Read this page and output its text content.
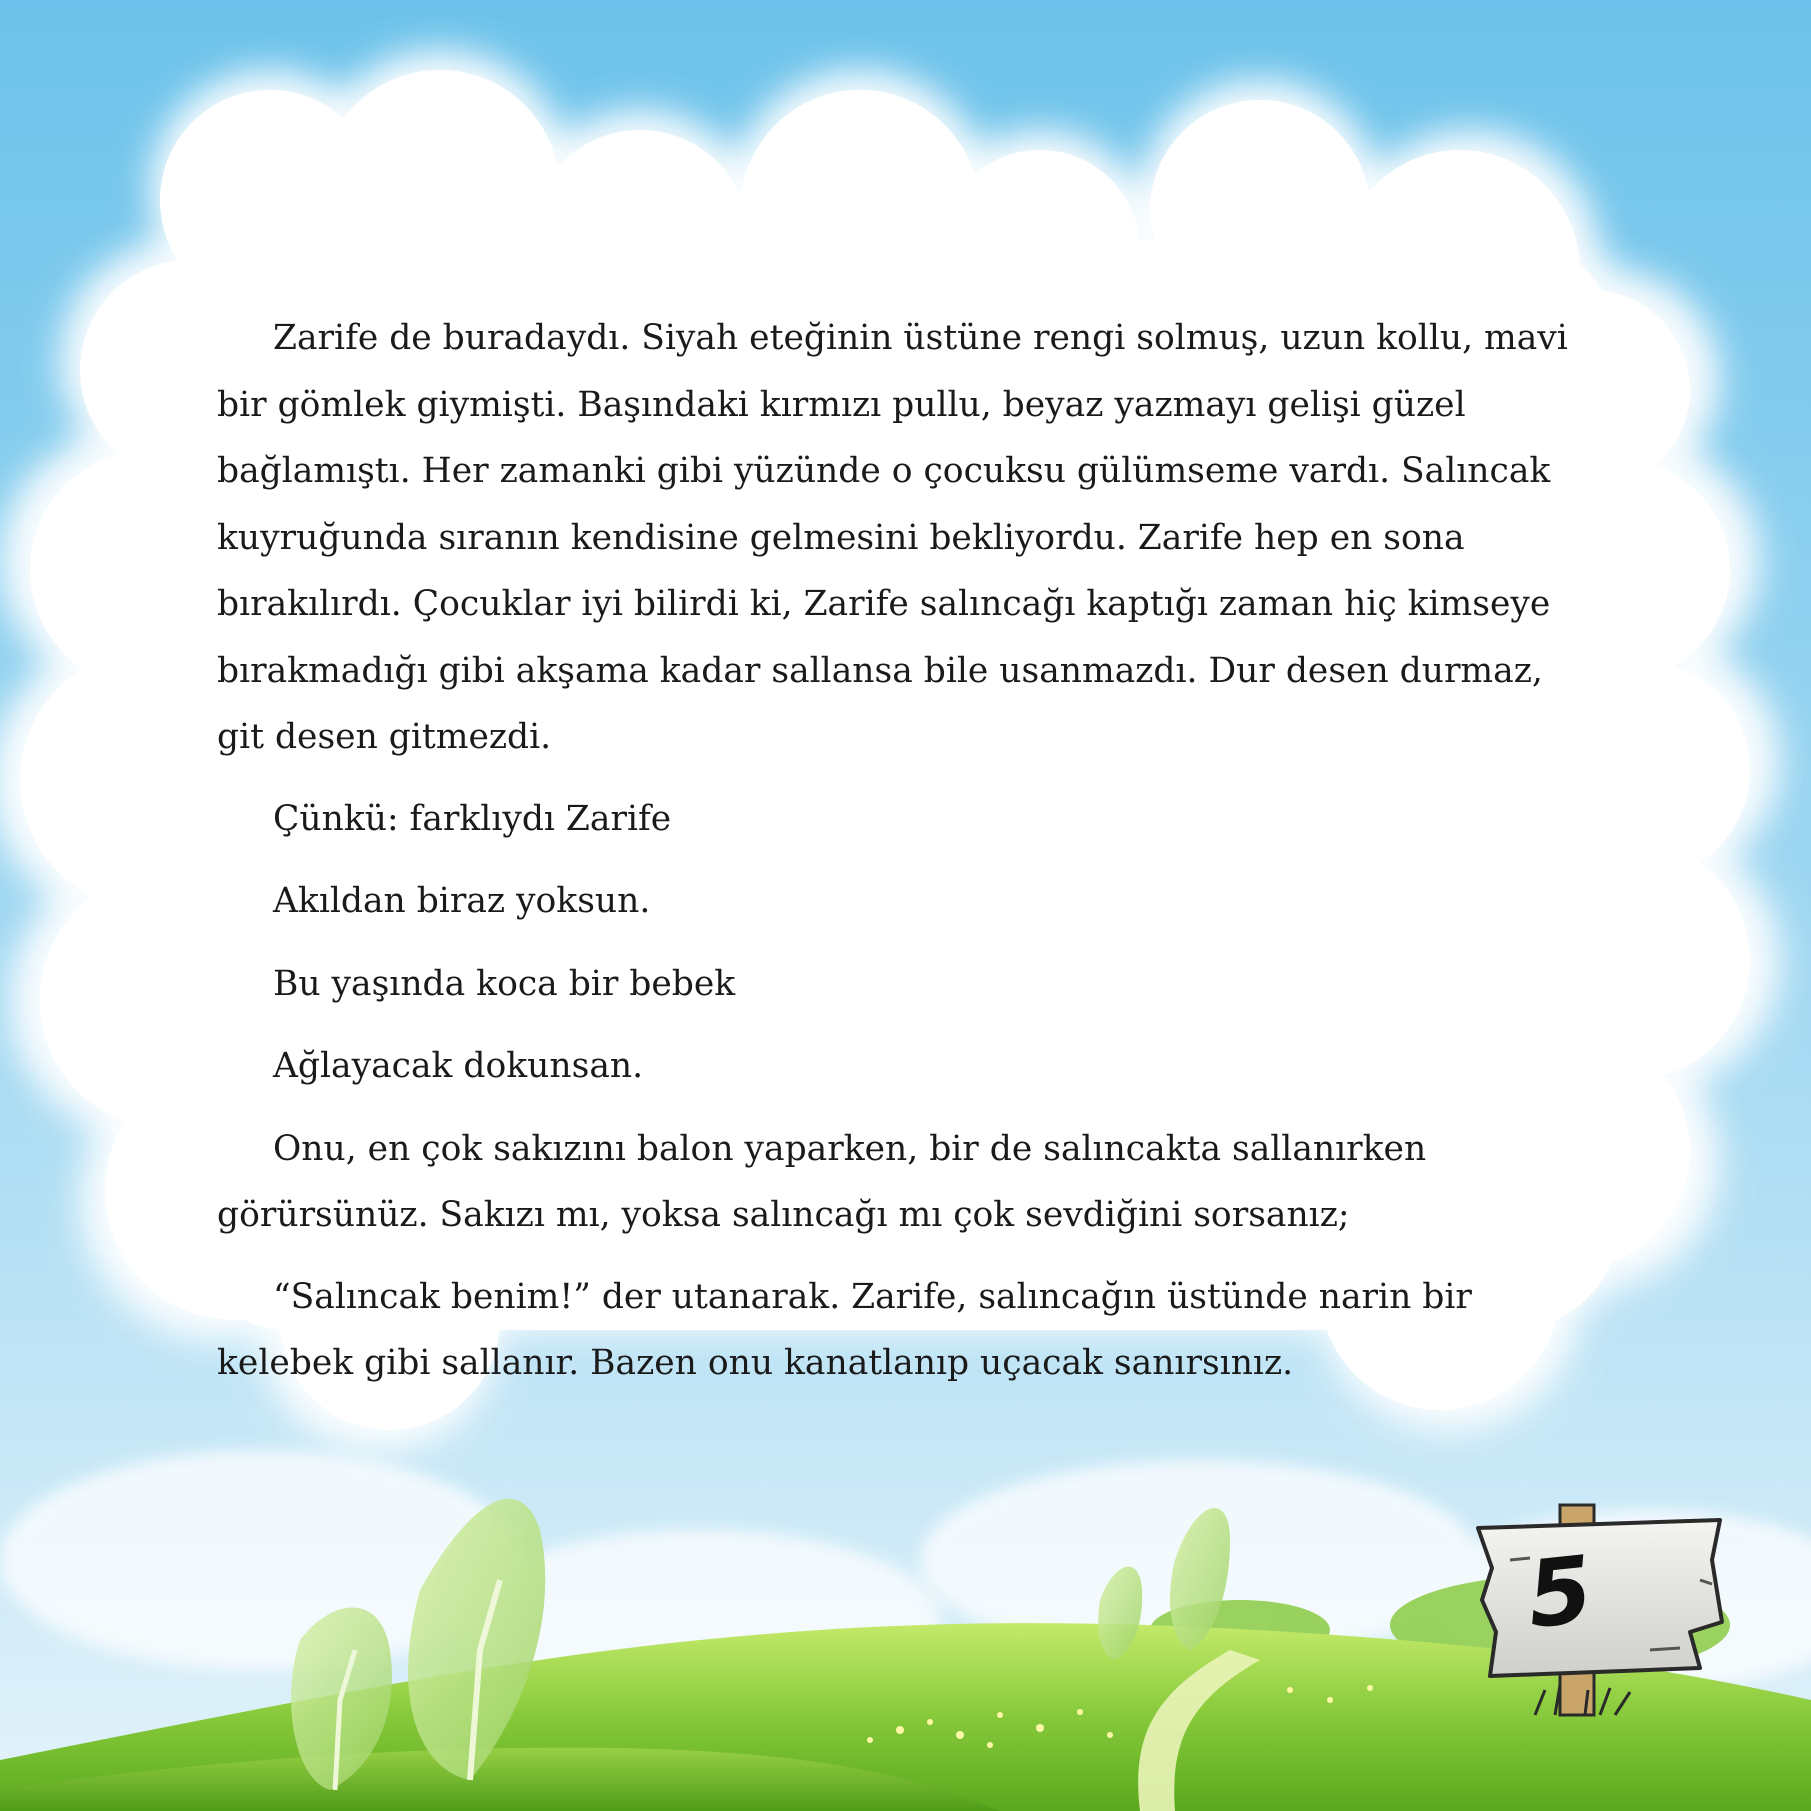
Zarife de buradaydı. Siyah eteğinin üstüne rengi solmuş, uzun kollu, mavi bir gömlek giymişti. Başındaki kırmızı pullu, beyaz yazmayı gelişi güzel bağlamıştı. Her zamanki gibi yüzünde o çocuksu gülümseme vardı. Salıncak kuyruğunda sıranın kendisine gelmesini bekliyordu. Zarife hep en sona bırakılırdı. Çocuklar iyi bilirdi ki, Zarife salıncağı kaptığı zaman hiç kimseye bırakmadığı gibi akşama kadar sallansa bile usanmazdı. Dur desen durmaz, git desen gitmezdi.

Çünkü: farklıydı Zarife

Akıldan biraz yoksun.

Bu yaşında koca bir bebek

Ağlayacak dokunsan.

Onu, en çok sakızını balon yaparken, bir de salıncakta sallanırken görürsünüz. Sakızı mı, yoksa salıncağı mı çok sevdiğini sorsanız;

“Salıncak benim!” der utanarak. Zarife, salıncağın üstünde narin bir kelebek gibi sallanır. Bazen onu kanatlanıp uçacak sanırsınız.

5
